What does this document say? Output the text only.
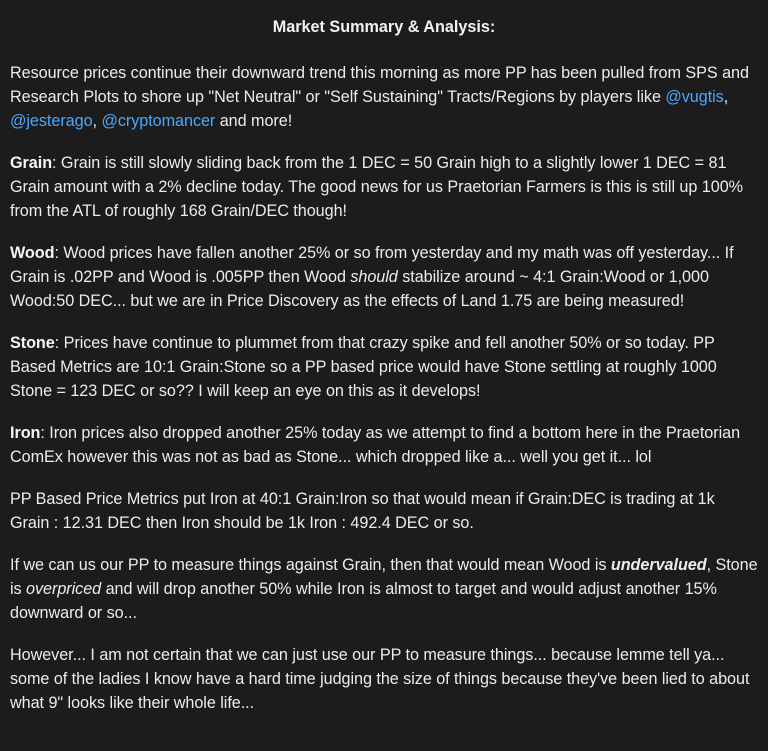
Market Summary & Analysis:

Resource prices continue their downward trend this morning as more PP has been pulled from SPS and Research Plots to shore up "Net Neutral" or "Self Sustaining" Tracts/Regions by players like @vugtis, @jesterago, @cryptomancer and more!

Grain: Grain is still slowly sliding back from the 1 DEC = 50 Grain high to a slightly lower 1 DEC = 81 Grain amount with a 2% decline today. The good news for us Praetorian Farmers is this is still up 100% from the ATL of roughly 168 Grain/DEC though!

Wood: Wood prices have fallen another 25% or so from yesterday and my math was off yesterday... If Grain is .02PP and Wood is .005PP then Wood should stabilize around ~ 4:1 Grain:Wood or 1,000 Wood:50 DEC... but we are in Price Discovery as the effects of Land 1.75 are being measured!

Stone: Prices have continue to plummet from that crazy spike and fell another 50% or so today. PP Based Metrics are 10:1 Grain:Stone so a PP based price would have Stone settling at roughly 1000 Stone = 123 DEC or so?? I will keep an eye on this as it develops!

Iron: Iron prices also dropped another 25% today as we attempt to find a bottom here in the Praetorian ComEx however this was not as bad as Stone... which dropped like a... well you get it... lol

PP Based Price Metrics put Iron at 40:1 Grain:Iron so that would mean if Grain:DEC is trading at 1k Grain : 12.31 DEC then Iron should be 1k Iron : 492.4 DEC or so.

If we can us our PP to measure things against Grain, then that would mean Wood is undervalued, Stone is overpriced and will drop another 50% while Iron is almost to target and would adjust another 15% downward or so...

However... I am not certain that we can just use our PP to measure things... because lemme tell ya... some of the ladies I know have a hard time judging the size of things because they've been lied to about what 9" looks like their whole life...
